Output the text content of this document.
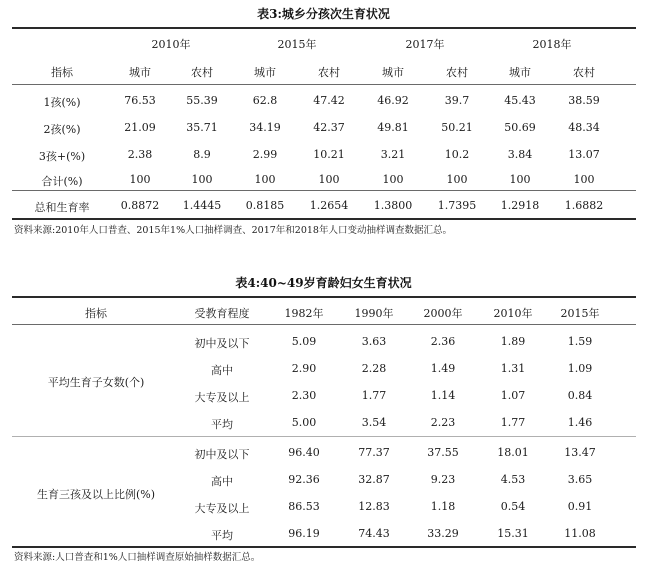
表3:城乡分孩次生育状况
2010年	2015年	2017年	2018年
指标	城市	农村	城市	农村	城市	农村	城市	农村
1孩(%)	76.53	55.39	62.8	47.42	46.92	39.7	45.43	38.59
2孩(%)	21.09	35.71	34.19	42.37	49.81	50.21	50.69	48.34
3孩+(%)	2.38	8.9	2.99	10.21	3.21	10.2	3.84	13.07
合计(%)	100	100	100	100	100	100	100	100
总和生育率	0.8872 1.4445 0.8185 1.2654 1.3800 1.7395 1.2918 1.6882
资料来源:2010年人口普查、2015年1%人口抽样调查、2017年和2018年人口变动抽样调查数据汇总。
表4:40~49岁育龄妇女生育状况
指标	受教育程度	1982年	1990年	2000年	2010年	2015年
平均生育子女数(个)
初中及以下	5.09	3.63	2.36	1.89	1.59
高中	2.90	2.28	1.49	1.31	1.09
大专及以上	2.30	1.77	1.14	1.07	0.84
平均	5.00	3.54	2.23	1.77	1.46
生育三孩及以上比例(%)
初中及以下	96.40	77.37	37.55	18.01	13.47
高中	92.36	32.87	9.23	4.53	3.65
大专及以上	86.53	12.83	1.18	0.54	0.91
平均	96.19	74.43	33.29	15.31	11.08
资料来源:人口普查和1%人口抽样调查原始抽样数据汇总。
